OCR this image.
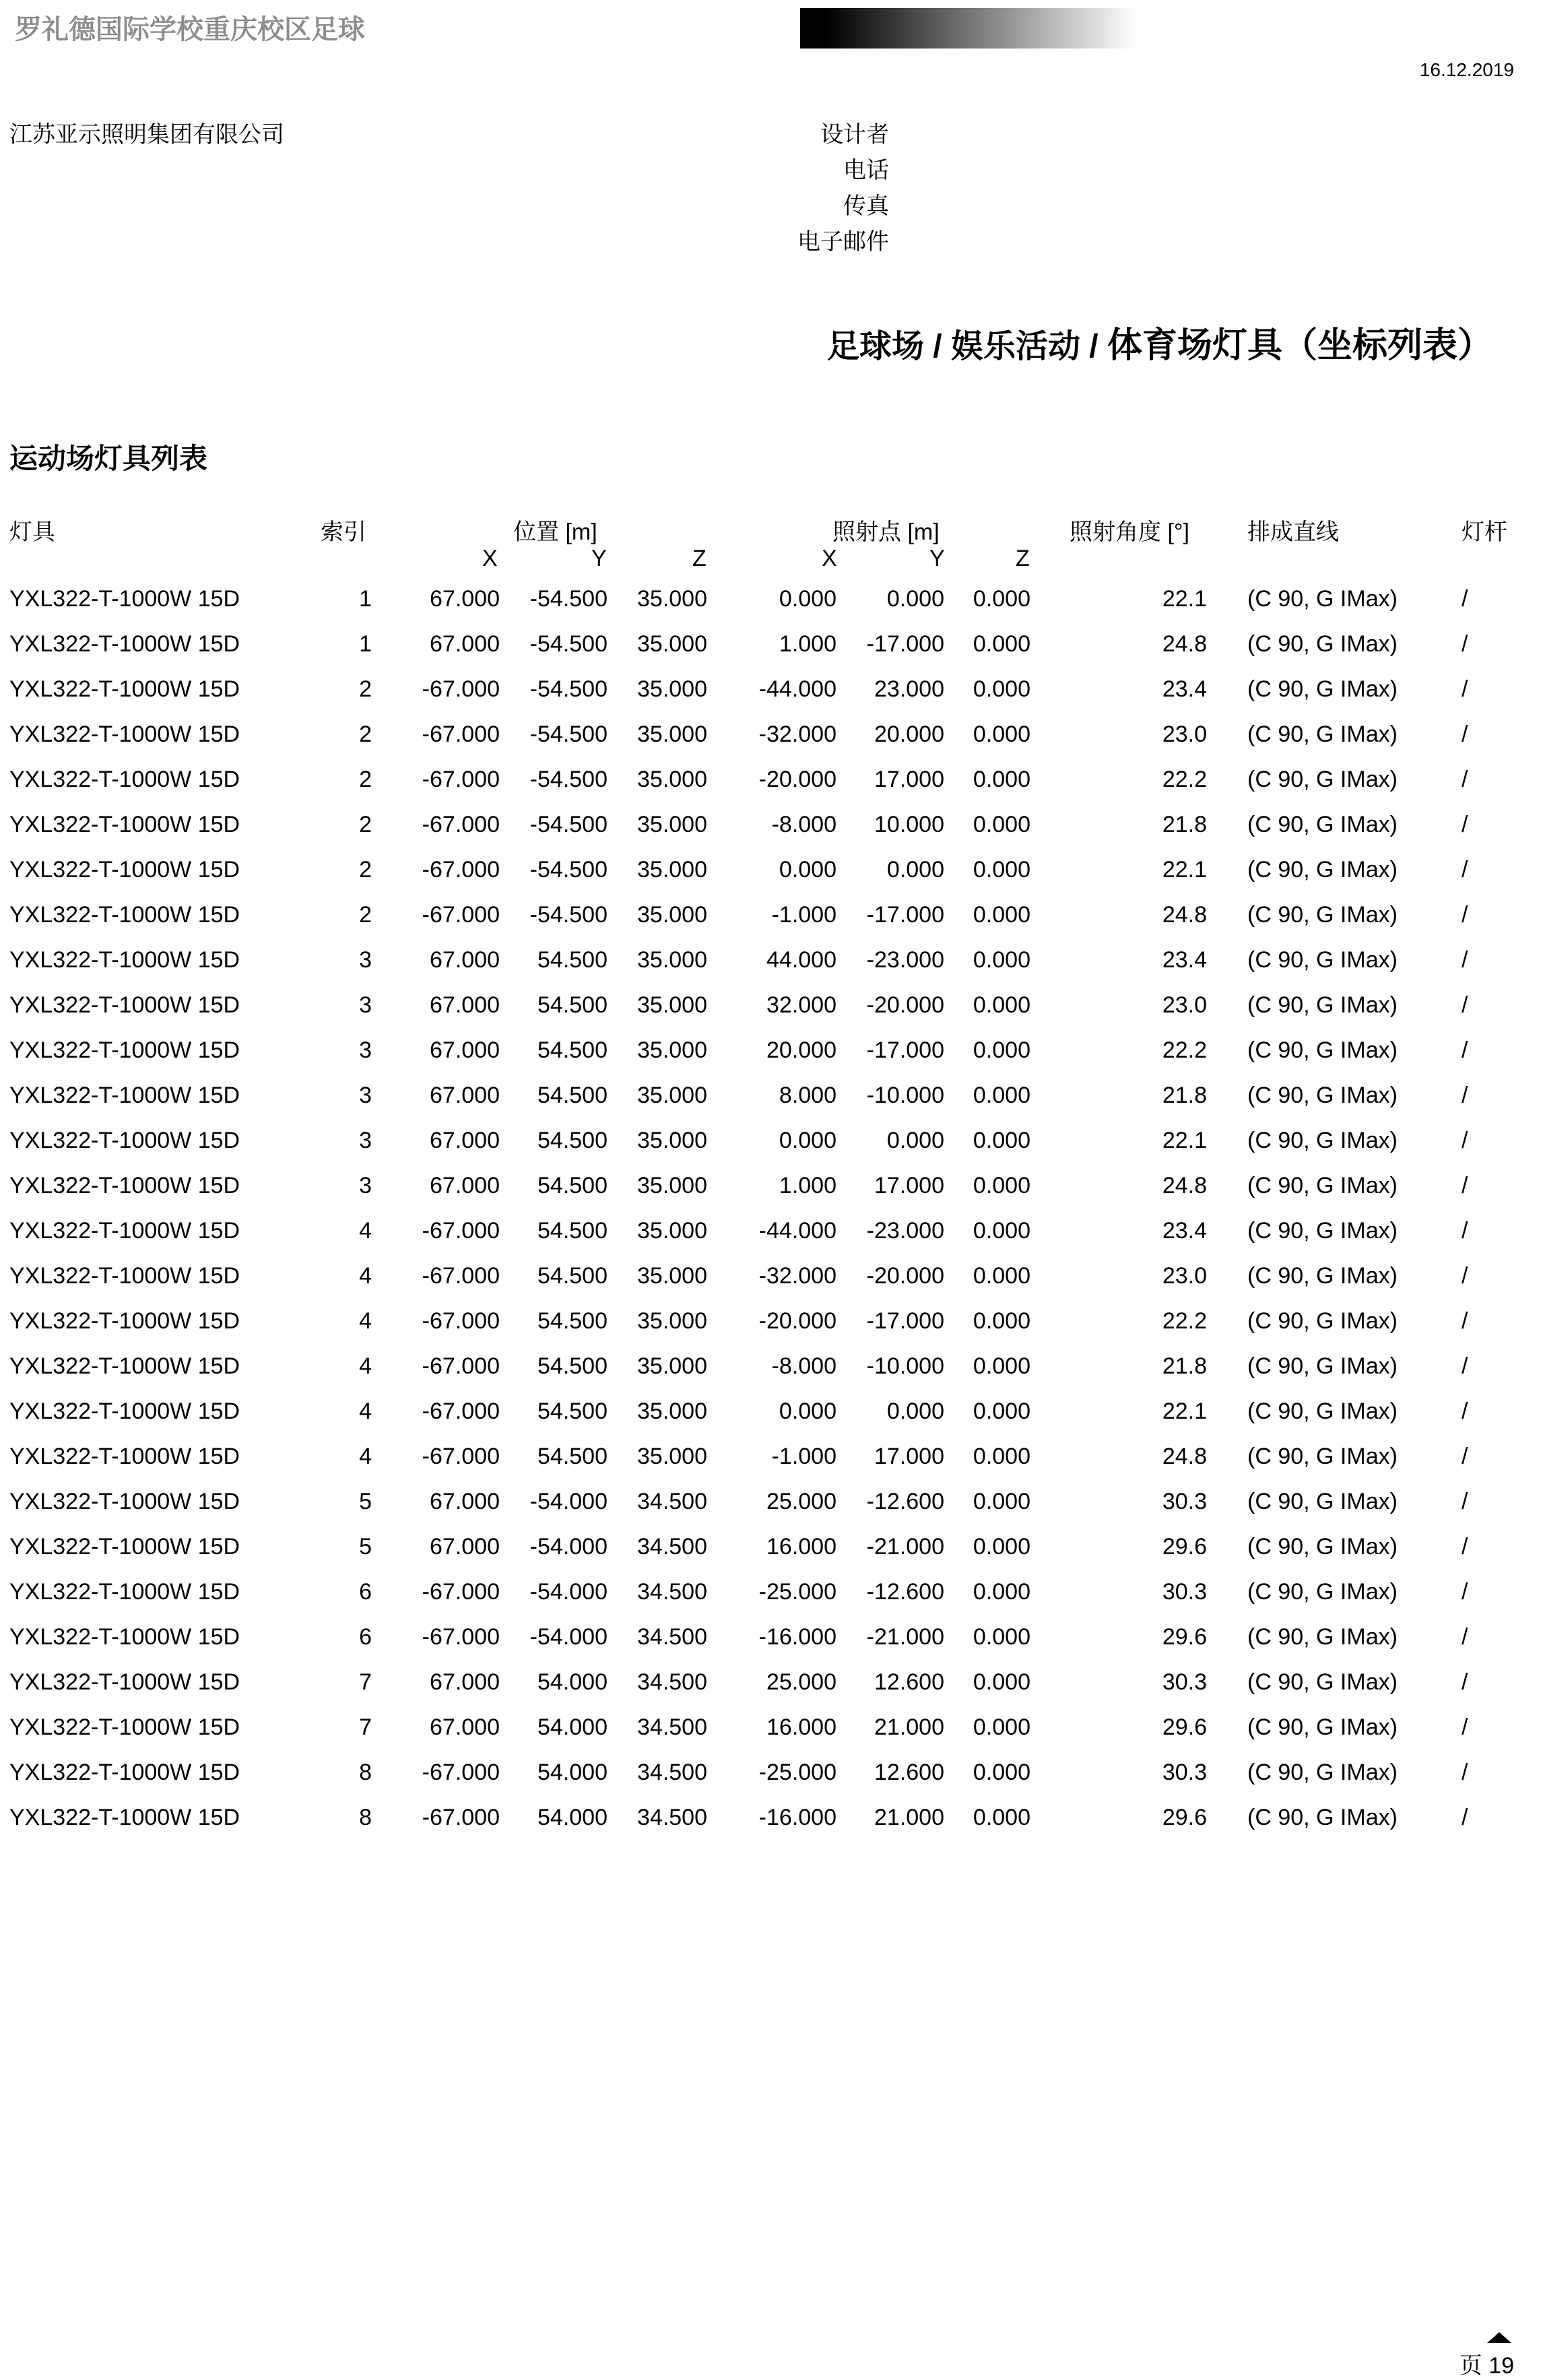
罗礼德国际学校重庆校区足球
16.12.2019
江苏亚示照明集团有限公司	设计者
电话
传真
电子邮件
足球场 / 娱乐活动 / 体育场灯具（坐标列表）
运动场灯具列表
灯具	索引	位置 [m]	照射点 [m]	照射角度 [°]	排成直线	灯杆
X	Y	Z	X	Y	Z
YXL322-T-1000W 15D	1	67.000 -54.500 35.000	0.000 0.000 0.000	22.1 (C 90, G IMax)	/
YXL322-T-1000W 15D	1	67.000 -54.500 35.000	1.000 -17.000 0.000	24.8 (C 90, G IMax)	/
YXL322-T-1000W 15D	2 -67.000 -54.500 35.000 -44.000 23.000 0.000	23.4 (C 90, G IMax)	/
YXL322-T-1000W 15D	2 -67.000 -54.500 35.000 -32.000 20.000 0.000	23.0 (C 90, G IMax)	/
YXL322-T-1000W 15D	2 -67.000 -54.500 35.000 -20.000 17.000 0.000	22.2 (C 90, G IMax)	/
YXL322-T-1000W 15D	2 -67.000 -54.500 35.000	-8.000 10.000 0.000	21.8 (C 90, G IMax)	/
YXL322-T-1000W 15D	2 -67.000 -54.500 35.000	0.000 0.000 0.000	22.1 (C 90, G IMax)	/
YXL322-T-1000W 15D	2 -67.000 -54.500 35.000	-1.000 -17.000 0.000	24.8 (C 90, G IMax)	/
YXL322-T-1000W 15D	3	67.000 54.500 35.000	44.000 -23.000 0.000	23.4 (C 90, G IMax)	/
YXL322-T-1000W 15D	3	67.000 54.500 35.000	32.000 -20.000 0.000	23.0 (C 90, G IMax)	/
YXL322-T-1000W 15D	3	67.000 54.500 35.000	20.000 -17.000 0.000	22.2 (C 90, G IMax)	/
YXL322-T-1000W 15D	3	67.000 54.500 35.000	8.000 -10.000 0.000	21.8 (C 90, G IMax)	/
YXL322-T-1000W 15D	3	67.000 54.500 35.000	0.000 0.000 0.000	22.1 (C 90, G IMax)	/
YXL322-T-1000W 15D	3	67.000 54.500 35.000	1.000 17.000 0.000	24.8 (C 90, G IMax)	/
YXL322-T-1000W 15D	4 -67.000 54.500 35.000 -44.000 -23.000 0.000	23.4 (C 90, G IMax)	/
YXL322-T-1000W 15D	4 -67.000 54.500 35.000 -32.000 -20.000 0.000	23.0 (C 90, G IMax)	/
YXL322-T-1000W 15D	4 -67.000 54.500 35.000 -20.000 -17.000 0.000	22.2 (C 90, G IMax)	/
YXL322-T-1000W 15D	4 -67.000 54.500 35.000	-8.000 -10.000 0.000	21.8 (C 90, G IMax)	/
YXL322-T-1000W 15D	4 -67.000 54.500 35.000	0.000 0.000 0.000	22.1 (C 90, G IMax)	/
YXL322-T-1000W 15D	4 -67.000 54.500 35.000	-1.000 17.000 0.000	24.8 (C 90, G IMax)	/
YXL322-T-1000W 15D	5	67.000 -54.000 34.500	25.000 -12.600 0.000	30.3 (C 90, G IMax)	/
YXL322-T-1000W 15D	5	67.000 -54.000 34.500	16.000 -21.000 0.000	29.6 (C 90, G IMax)	/
YXL322-T-1000W 15D	6 -67.000 -54.000 34.500 -25.000 -12.600 0.000	30.3 (C 90, G IMax)	/
YXL322-T-1000W 15D	6 -67.000 -54.000 34.500 -16.000 -21.000 0.000	29.6 (C 90, G IMax)	/
YXL322-T-1000W 15D	7	67.000 54.000 34.500	25.000 12.600 0.000	30.3 (C 90, G IMax)	/
YXL322-T-1000W 15D	7	67.000 54.000 34.500	16.000 21.000 0.000	29.6 (C 90, G IMax)	/
YXL322-T-1000W 15D	8 -67.000 54.000 34.500 -25.000 12.600 0.000	30.3 (C 90, G IMax)	/
YXL322-T-1000W 15D	8 -67.000 54.000 34.500 -16.000 21.000 0.000	29.6 (C 90, G IMax)	/
页 19
